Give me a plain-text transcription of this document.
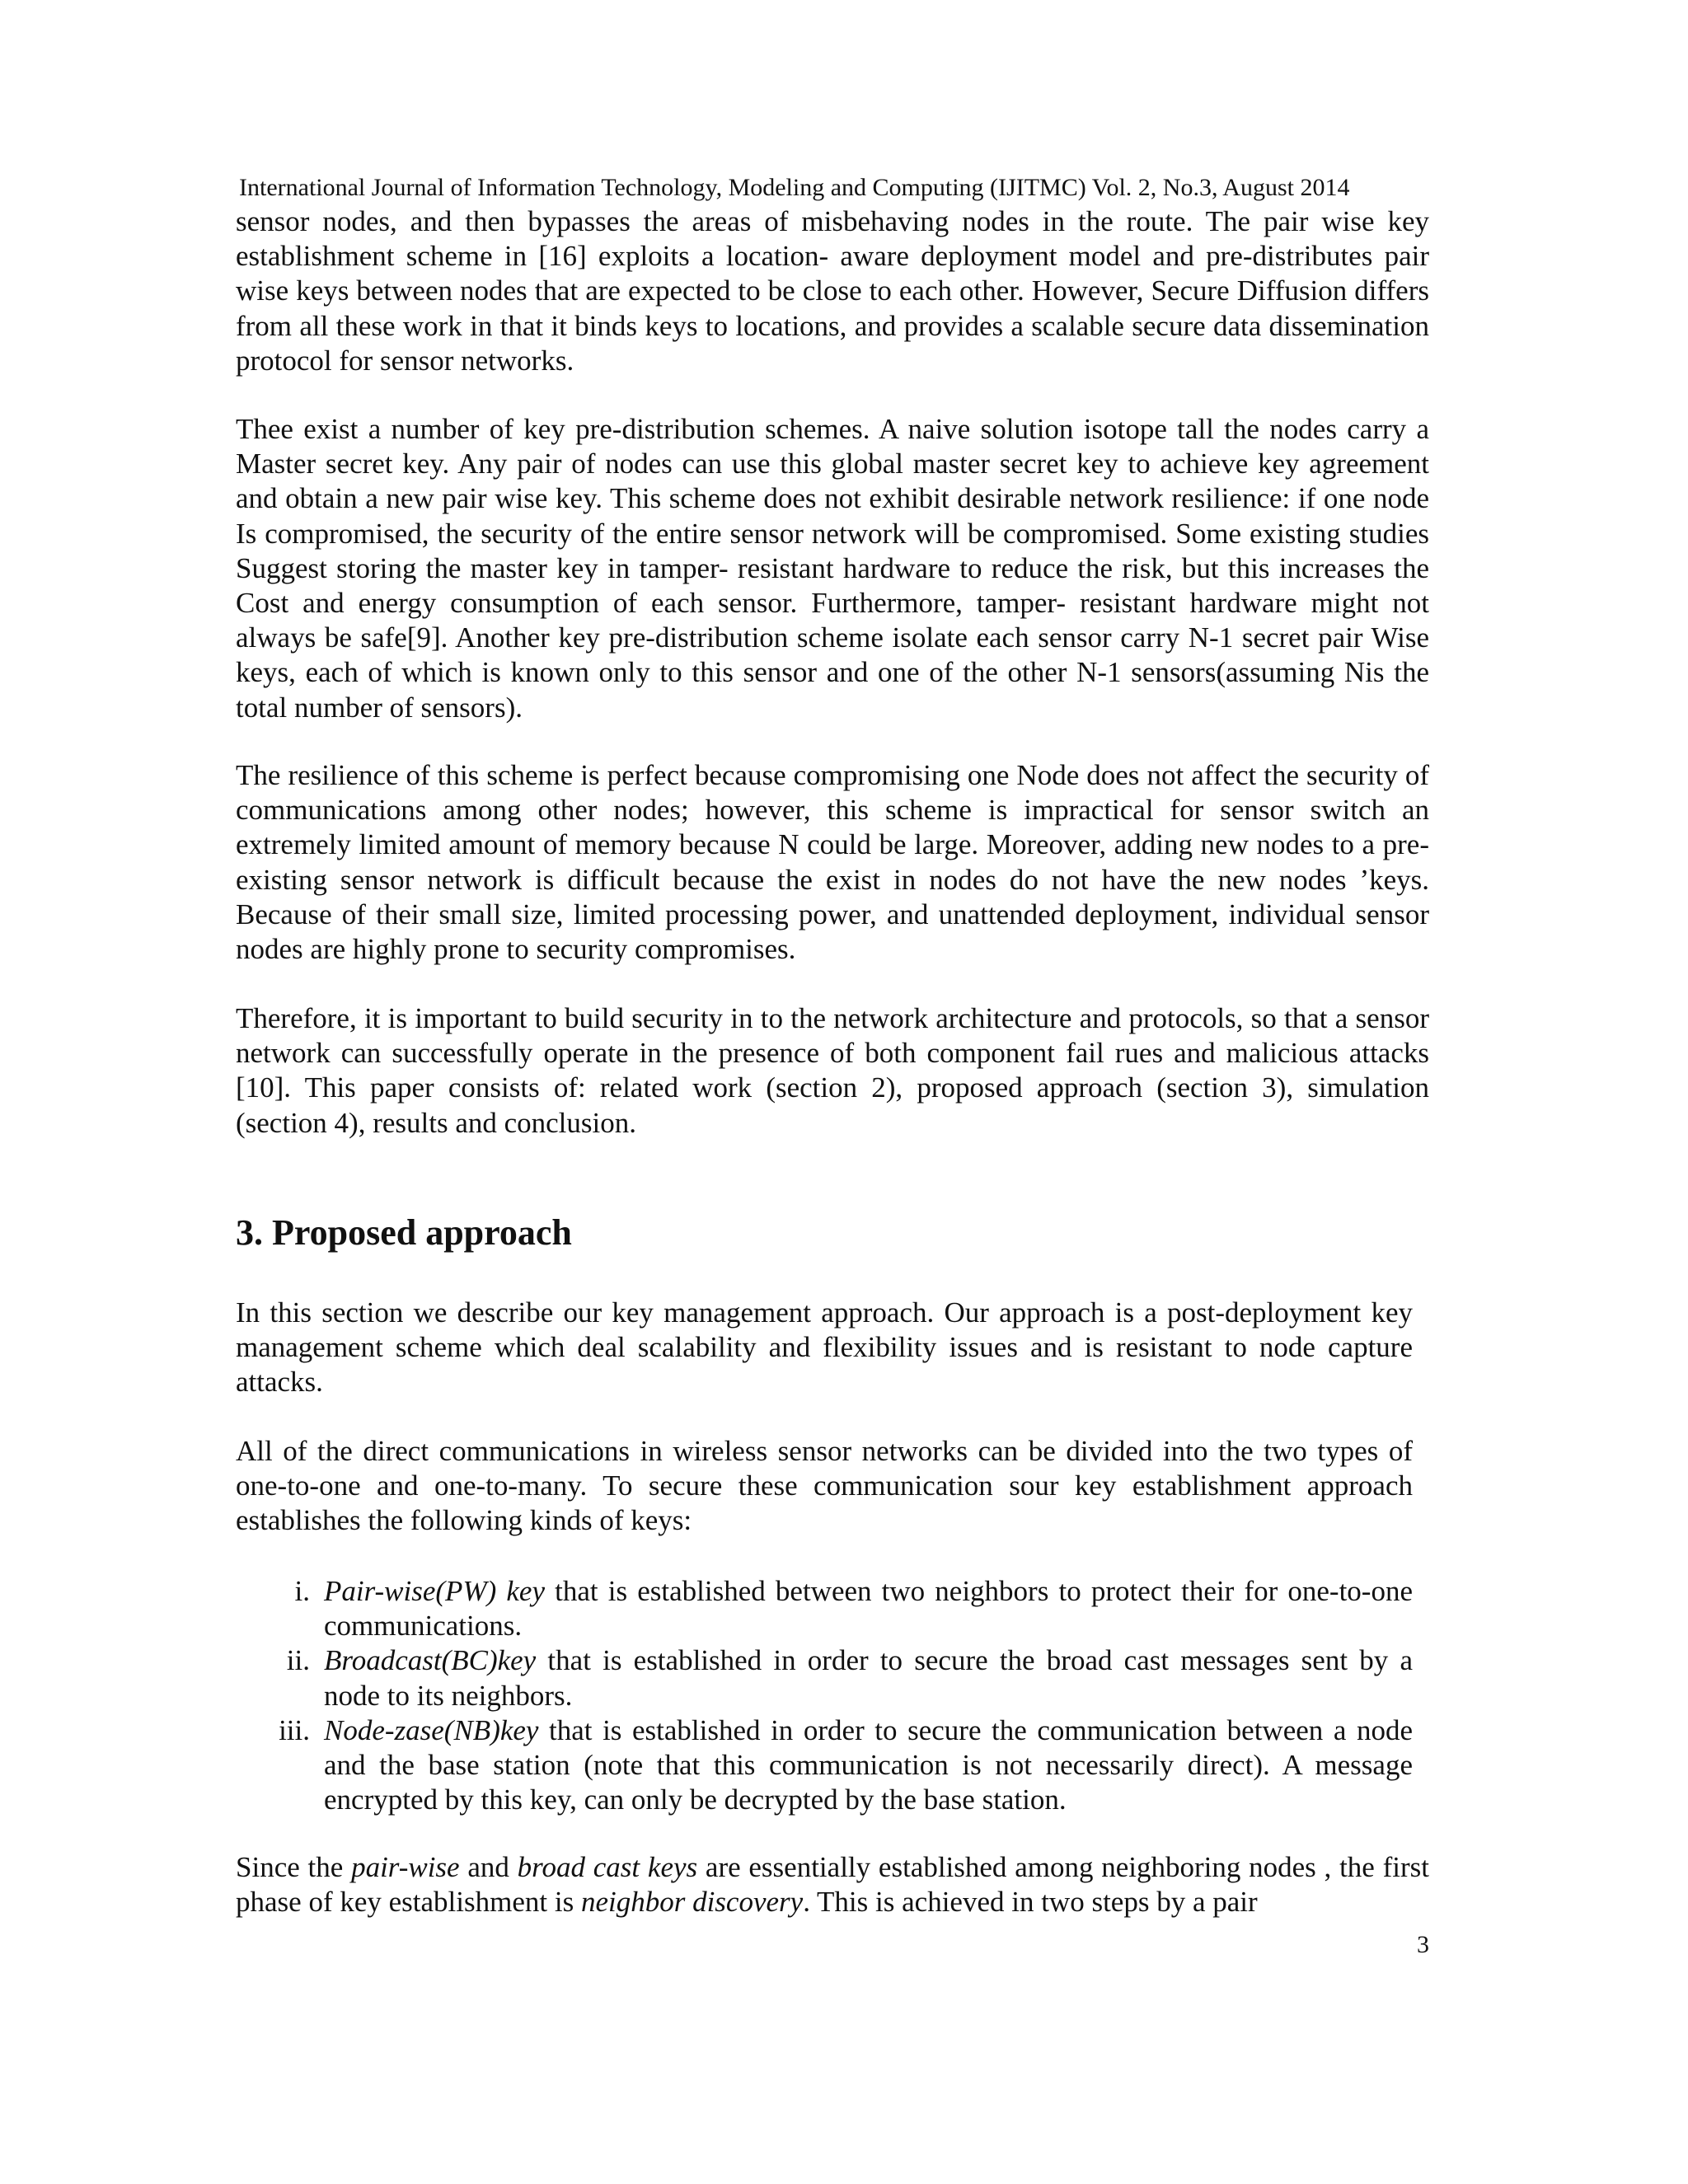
International Journal of Information Technology, Modeling and Computing (IJITMC) Vol. 2, No.3, August 2014

sensor nodes, and then bypasses the areas of misbehaving nodes in the route. The pair wise key establishment scheme in [16] exploits a location- aware deployment model and pre-distributes pair wise keys between nodes that are expected to be close to each other. However, Secure Diffusion differs from all these work in that it binds keys to locations, and provides a scalable secure data dissemination protocol for sensor networks.

Thee exist a number of key pre-distribution schemes. A naive solution isotope tall the nodes carry a Master secret key. Any pair of nodes can use this global master secret key to achieve key agreement and obtain a new pair wise key. This scheme does not exhibit desirable network resilience: if one node Is compromised, the security of the entire sensor network will be compromised. Some existing studies Suggest storing the master key in tamper- resistant hardware to reduce the risk, but this increases the Cost and energy consumption of each sensor. Furthermore, tamper- resistant hardware might not always be safe[9]. Another key pre-distribution scheme isolate each sensor carry N-1 secret pair Wise keys, each of which is known only to this sensor and one of the other N-1 sensors(assuming Nis the total number of sensors).

The resilience of this scheme is perfect because compromising one Node does not affect the security of communications among other nodes; however, this scheme is impractical for sensor switch an extremely limited amount of memory because N could be large. Moreover, adding new nodes to a pre-existing sensor network is difficult because the exist in nodes do not have the new nodes ’keys. Because of their small size, limited processing power, and unattended deployment, individual sensor nodes are highly prone to security compromises.

Therefore, it is important to build security in to the network architecture and protocols, so that a sensor network can successfully operate in the presence of both component fail rues and malicious attacks [10]. This paper consists of: related work (section 2), proposed approach (section 3), simulation (section 4), results and conclusion.

3. Proposed approach

In this section we describe our key management approach. Our approach is a post-deployment key management scheme which deal scalability and flexibility issues and is resistant to node capture attacks.

All of the direct communications in wireless sensor networks can be divided into the two types of one-to-one and one-to-many. To secure these communication sour key establishment approach establishes the following kinds of keys:

i. Pair-wise(PW) key that is established between two neighbors to protect their for one-to-one communications.
ii. Broadcast(BC)key that is established in order to secure the broad cast messages sent by a node to its neighbors.
iii. Node-zase(NB)key that is established in order to secure the communication between a node and the base station (note that this communication is not necessarily direct). A message encrypted by this key, can only be decrypted by the base station.

Since the pair-wise and broad cast keys are essentially established among neighboring nodes , the first phase of key establishment is neighbor discovery. This is achieved in two steps by a pair

3
